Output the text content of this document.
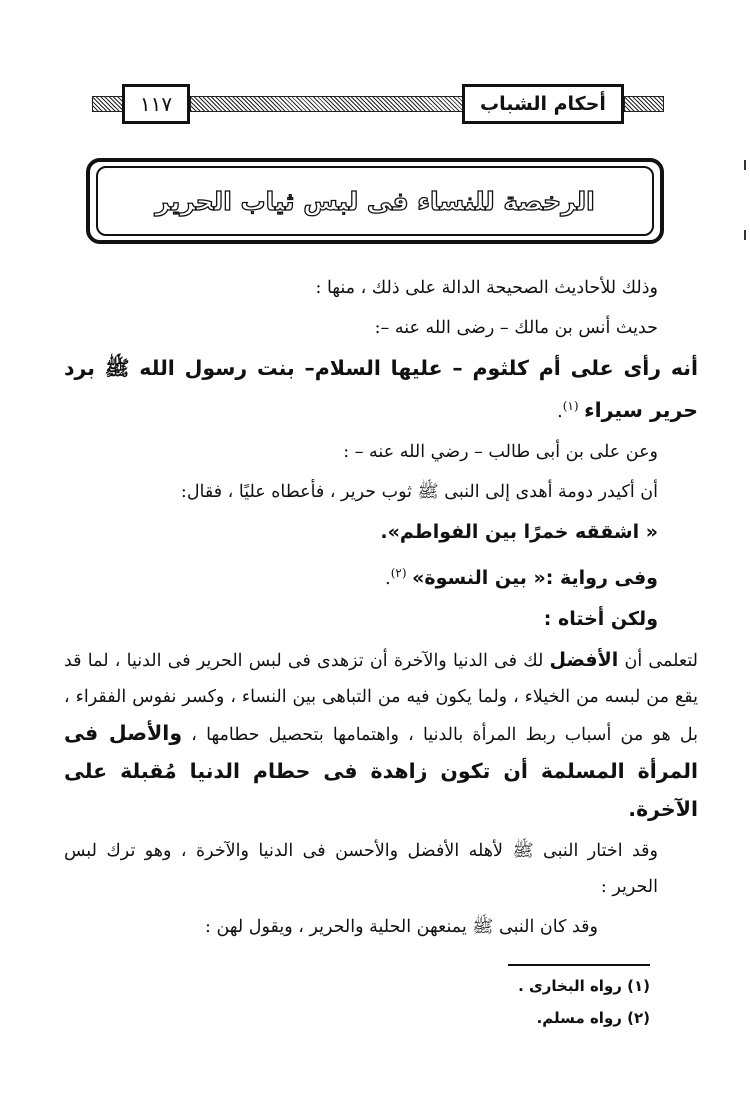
١١٧	أحكام الشباب
الرخصة للنساء فى لبس ثياب الحرير

وذلك للأحاديث الصحيحة الدالة على ذلك ، منها :

حديث أنس بن مالك – رضى الله عنه –:

أنه رأى على أم كلثوم – عليها السلام– بنت رسول الله ﷺ برد حرير سيراء $^{(١)}$.

وعن على بن أبى طالب – رضي الله عنه – :

أن أكيدر دومة أهدى إلى النبى ﷺ ثوب حرير ، فأعطاه عليًا ، فقال:

« اشققه خمرًا بين الفواطم».

وفى رواية :« بين النسوة» $^{(٢)}$.

ولكن أختاه :

لتعلمى أن الأفضل لك فى الدنيا والآخرة أن تزهدى فى لبس الحرير فى الدنيا ، لما قد يقع من لبسه من الخيلاء ، ولما يكون فيه من التباهى بين النساء ، وكسر نفوس الفقراء ، بل هو من أسباب ربط المرأة بالدنيا ، واهتمامها بتحصيل حطامها ، والأصل فى المرأة المسلمة أن تكون زاهدة فى حطام الدنيا مُقبلة على الآخرة.

وقد اختار النبى ﷺ لأهله الأفضل والأحسن فى الدنيا والآخرة ، وهو ترك لبس الحرير :

وقد كان النبى ﷺ يمنعهن الحلية والحرير ، ويقول لهن :

(١) رواه البخارى .
(٢) رواه مسلم.
